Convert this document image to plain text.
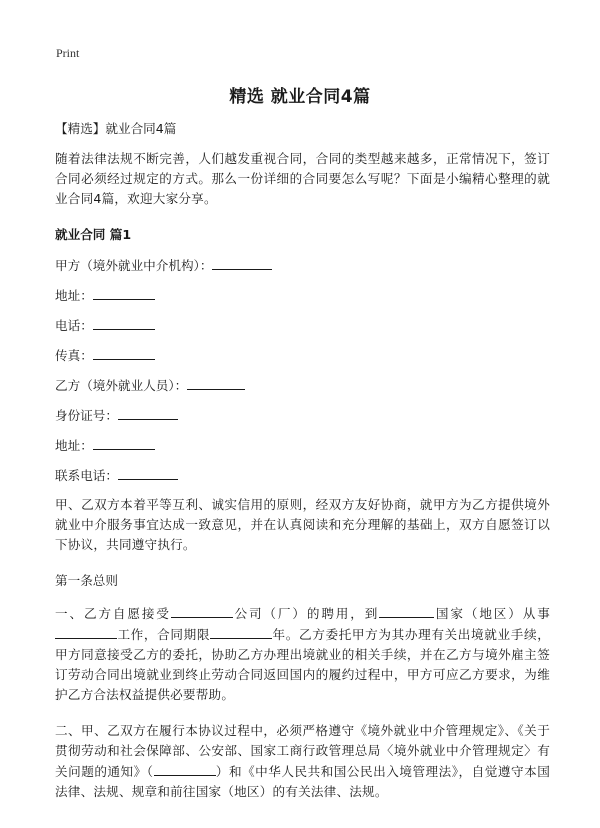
Print
精选 就业合同4篇

【精选】就业合同4篇

随着法律法规不断完善，人们越发重视合同，合同的类型越来越多，正常情况下，签订合同必须经过规定的方式。那么一份详细的合同要怎么写呢？下面是小编精心整理的就业合同4篇，欢迎大家分享。

就业合同 篇1

甲方（境外就业中介机构）：
地址：
电话：
传真：
乙方（境外就业人员）：
身份证号：
地址：
联系电话：

甲、乙双方本着平等互利、诚实信用的原则，经双方友好协商，就甲方为乙方提供境外就业中介服务事宜达成一致意见，并在认真阅读和充分理解的基础上，双方自愿签订以下协议，共同遵守执行。

第一条总则

一、乙方自愿接受	公司（厂）的聘用，到	国家（地区）从事工作，合同期限	年。乙方委托甲方为其办理有关出境就业手续，甲方同意接受乙方的委托，协助乙方办理出境就业的相关手续，并在乙方与境外雇主签订劳动合同出境就业到终止劳动合同返回国内的履约过程中，甲方可应乙方要求，为维护乙方合法权益提供必要帮助。

二、甲、乙双方在履行本协议过程中，必须严格遵守《境外就业中介管理规定》、《关于贯彻劳动和社会保障部、公安部、国家工商行政管理总局〈境外就业中介管理规定〉有关问题的通知》（	）和《中华人民共和国公民出入境管理法》，自觉遵守本国法律、法规、规章和前往国家（地区）的有关法律、法规。
